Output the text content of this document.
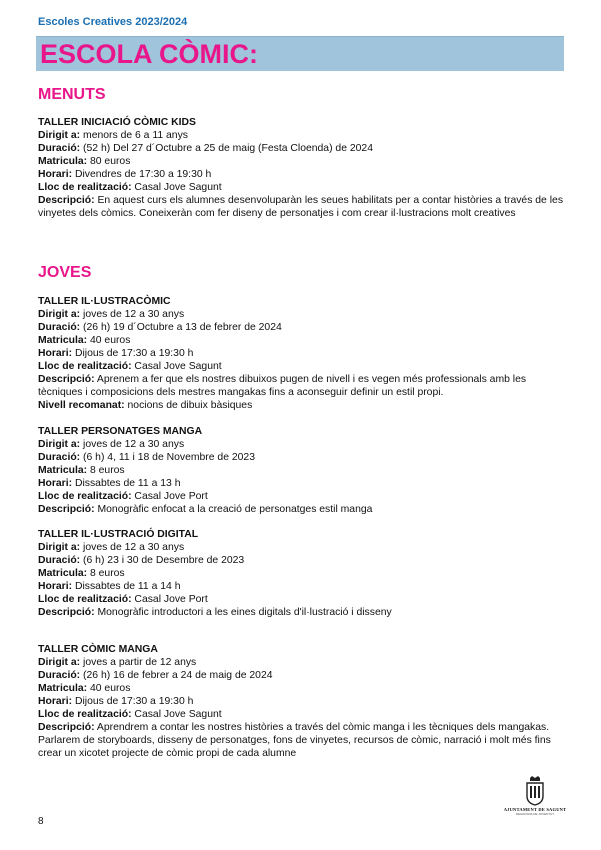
Escoles Creatives 2023/2024
ESCOLA CÒMIC:
MENUTS
TALLER INICIACIÓ CÒMIC KIDS
Dirigit a: menors de 6 a 11 anys
Duració: (52 h) Del 27 d´Octubre a 25 de maig (Festa Cloenda) de 2024
Matricula: 80 euros
Horari: Divendres de 17:30 a 19:30 h
Lloc de realització: Casal Jove Sagunt
Descripció: En aquest curs els alumnes desenvoluparàn les seues habilitats per a contar històries a través de les vinyetes dels còmics. Coneixeràn com fer diseny de personatjes i com crear il·lustracions molt creatives
JOVES
TALLER IL·LUSTRACÒMIC
Dirigit a: joves de 12 a 30 anys
Duració: (26 h) 19 d´Octubre a 13 de febrer de 2024
Matricula: 40 euros
Horari: Dijous de 17:30 a 19:30 h
Lloc de realització: Casal Jove Sagunt
Descripció: Aprenem a fer que els nostres dibuixos pugen de nivell i es vegen més professionals amb les tècniques i composicions dels mestres mangakas fins a aconseguir definir un estil propi.
Nivell recomanat: nocions de dibuix bàsiques
TALLER PERSONATGES MANGA
Dirigit a: joves de 12 a 30 anys
Duració: (6 h) 4, 11 i 18 de Novembre de 2023
Matricula: 8 euros
Horari: Dissabtes de 11 a 13 h
Lloc de realització: Casal Jove Port
Descripció: Monogràfic enfocat a la creació de personatges estil manga
TALLER IL·LUSTRACIÓ DIGITAL
Dirigit a: joves de 12 a 30 anys
Duració: (6 h) 23 i 30 de Desembre de 2023
Matricula: 8 euros
Horari: Dissabtes de 11 a 14 h
Lloc de realització: Casal Jove Port
Descripció: Monogràfic introductori a les eines digitals d'il·lustració i disseny
TALLER CÒMIC MANGA
Dirigit a: joves a partir de 12 anys
Duració: (26 h) 16 de febrer a 24 de maig de 2024
Matricula: 40 euros
Horari: Dijous de 17:30 a 19:30 h
Lloc de realització: Casal Jove Sagunt
Descripció: Aprendrem a contar les nostres històries a través del còmic manga i les tècniques dels mangakas. Parlarem de storyboards, disseny de personatges, fons de vinyetes, recursos de còmic, narració i molt més fins crear un xicotet projecte de còmic propi de cada alumne
8
AJUNTAMENT DE SAGUNT
REGIDORIA DE JOVENTUT
